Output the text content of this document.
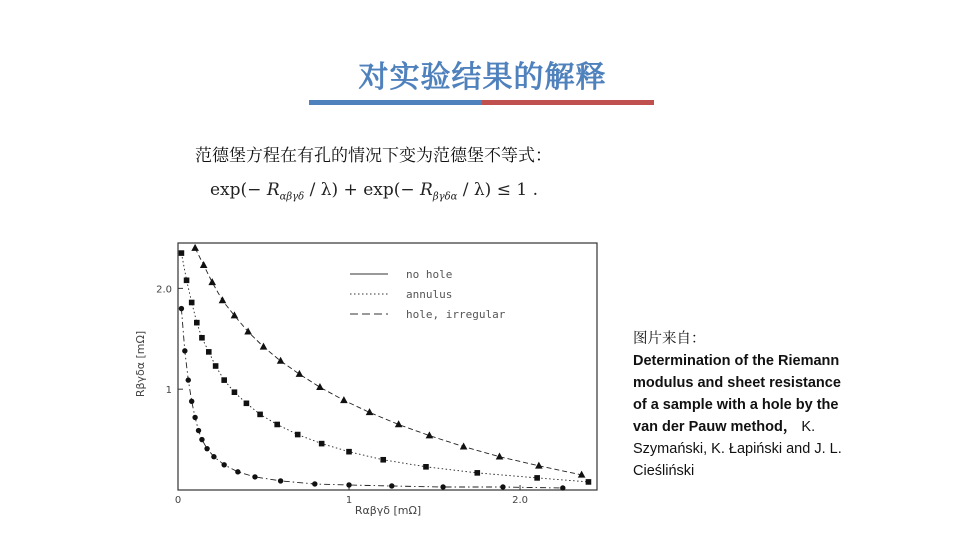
对实验结果的解释
范德堡方程在有孔的情况下变为范德堡不等式：
$\exp(- R_{\alpha\beta\gamma\delta} / \lambda) + \exp(- R_{\beta\gamma\delta\alpha} / \lambda) \le 1$ .
0	1	2.0
1
2.0
no hole
annulus
hole, irregular
Rαβγδ [mΩ]
Rβγδα [mΩ]	图片来自：
Determination of the Riemann modulus and sheet resistance of a sample with a hole by the van der Pauw method， K. Szymański, K. Łapiński and J. L. Cieśliński
